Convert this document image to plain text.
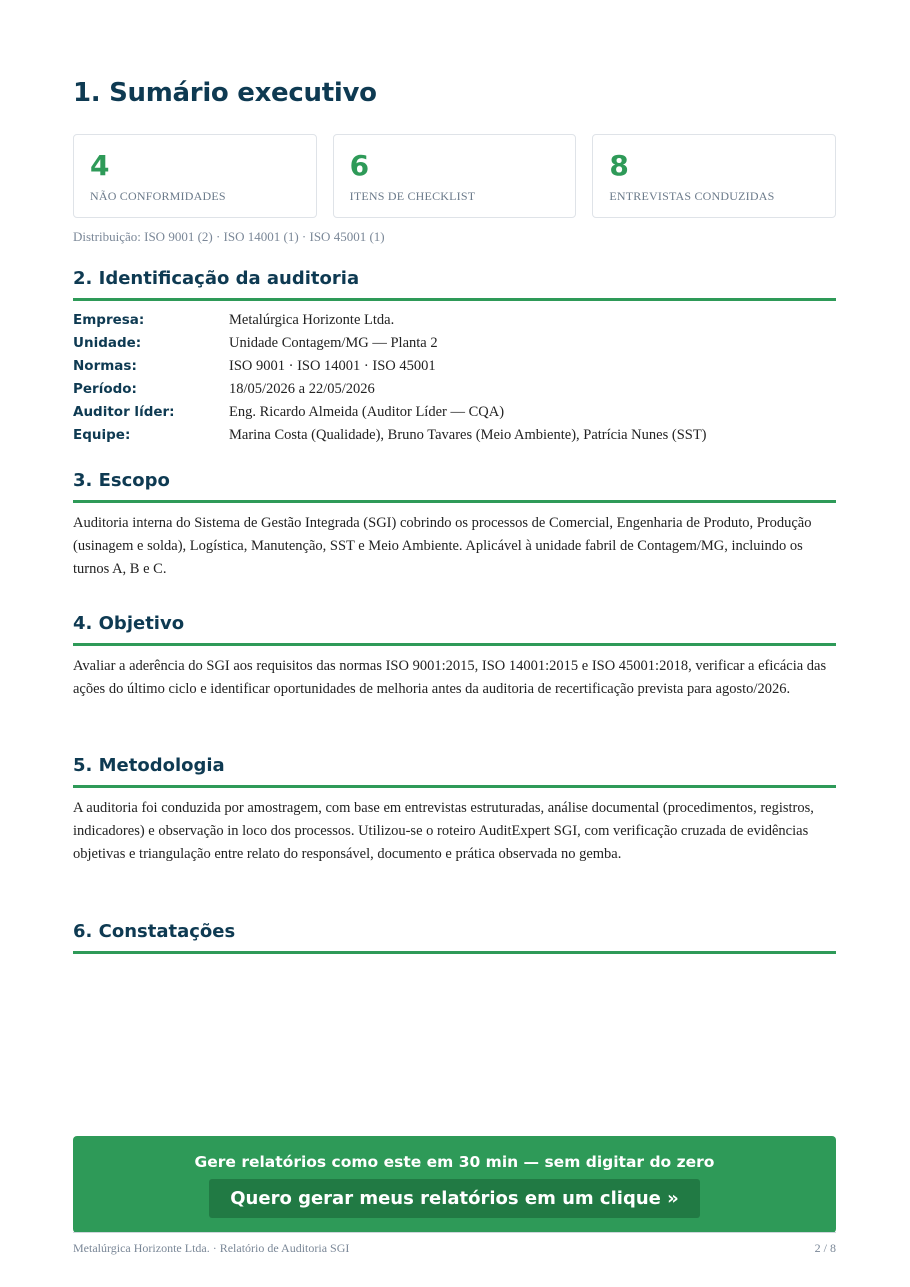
1. Sumário executivo
4
NÃO CONFORMIDADES
6
ITENS DE CHECKLIST
8
ENTREVISTAS CONDUZIDAS
Distribuição: ISO 9001 (2) · ISO 14001 (1) · ISO 45001 (1)
2. Identificação da auditoria
Empresa:	Metalúrgica Horizonte Ltda.
Unidade:	Unidade Contagem/MG — Planta 2
Normas:	ISO 9001 · ISO 14001 · ISO 45001
Período:	18/05/2026 a 22/05/2026
Auditor líder:	Eng. Ricardo Almeida (Auditor Líder — CQA)
Equipe:	Marina Costa (Qualidade), Bruno Tavares (Meio Ambiente), Patrícia Nunes (SST)
3. Escopo
Auditoria interna do Sistema de Gestão Integrada (SGI) cobrindo os processos de Comercial, Engenharia de Produto, Produção (usinagem e solda), Logística, Manutenção, SST e Meio Ambiente. Aplicável à unidade fabril de Contagem/MG, incluindo os turnos A, B e C.
4. Objetivo
Avaliar a aderência do SGI aos requisitos das normas ISO 9001:2015, ISO 14001:2015 e ISO 45001:2018, verificar a eficácia das ações do último ciclo e identificar oportunidades de melhoria antes da auditoria de recertificação prevista para agosto/2026.
5. Metodologia
A auditoria foi conduzida por amostragem, com base em entrevistas estruturadas, análise documental (procedimentos, registros, indicadores) e observação in loco dos processos. Utilizou-se o roteiro AuditExpert SGI, com verificação cruzada de evidências objetivas e triangulação entre relato do responsável, documento e prática observada no gemba.
6. Constatações
Gere relatórios como este em 30 min — sem digitar do zero
Quero gerar meus relatórios em um clique »
Metalúrgica Horizonte Ltda. · Relatório de Auditoria SGI	2 / 8
